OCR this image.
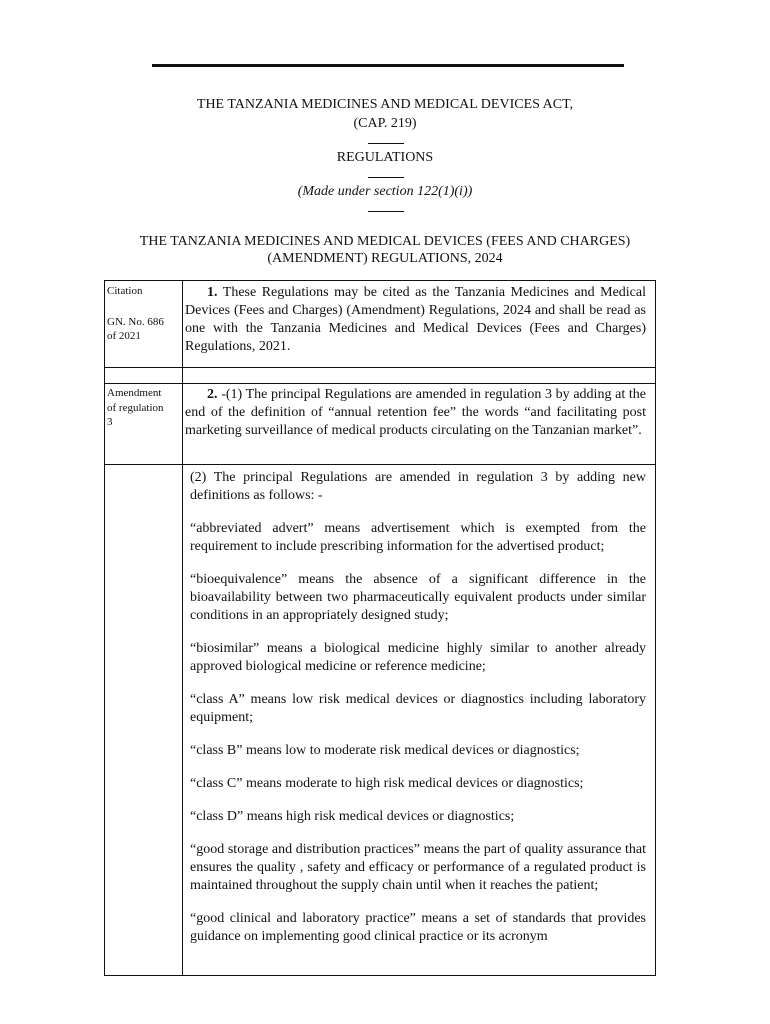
THE TANZANIA MEDICINES AND MEDICAL DEVICES ACT,
(CAP. 219)
REGULATIONS
(Made under section 122(1)(i))
THE TANZANIA MEDICINES AND MEDICAL DEVICES (FEES AND CHARGES)
(AMENDMENT) REGULATIONS, 2024
Citation
GN. No. 686
of 2021
1. These Regulations may be cited as the Tanzania Medicines and Medical Devices (Fees and Charges) (Amendment) Regulations, 2024 and shall be read as one with the Tanzania Medicines and Medical Devices (Fees and Charges) Regulations, 2021.
Amendment
of regulation
3
2. -(1) The principal Regulations are amended in regulation 3 by adding at the end of the definition of “annual retention fee” the words “and facilitating post marketing surveillance of medical products circulating on the Tanzanian market”.

(2) The principal Regulations are amended in regulation 3 by adding new definitions as follows: -

“abbreviated advert” means advertisement which is exempted from the requirement to include prescribing information for the advertised product;

“bioequivalence” means the absence of a significant difference in the bioavailability between two pharmaceutically equivalent products under similar conditions in an appropriately designed study;

“biosimilar” means a biological medicine highly similar to another already approved biological medicine or reference medicine;

“class A” means low risk medical devices or diagnostics including laboratory equipment;

“class B” means low to moderate risk medical devices or diagnostics;

“class C” means moderate to high risk medical devices or diagnostics;

“class D” means high risk medical devices or diagnostics;

“good storage and distribution practices” means the part of quality assurance that ensures the quality , safety and efficacy or performance of a regulated product is maintained throughout the supply chain until when it reaches the patient;

“good clinical and laboratory practice” means a set of standards that provides guidance on implementing good clinical practice or its acronym
